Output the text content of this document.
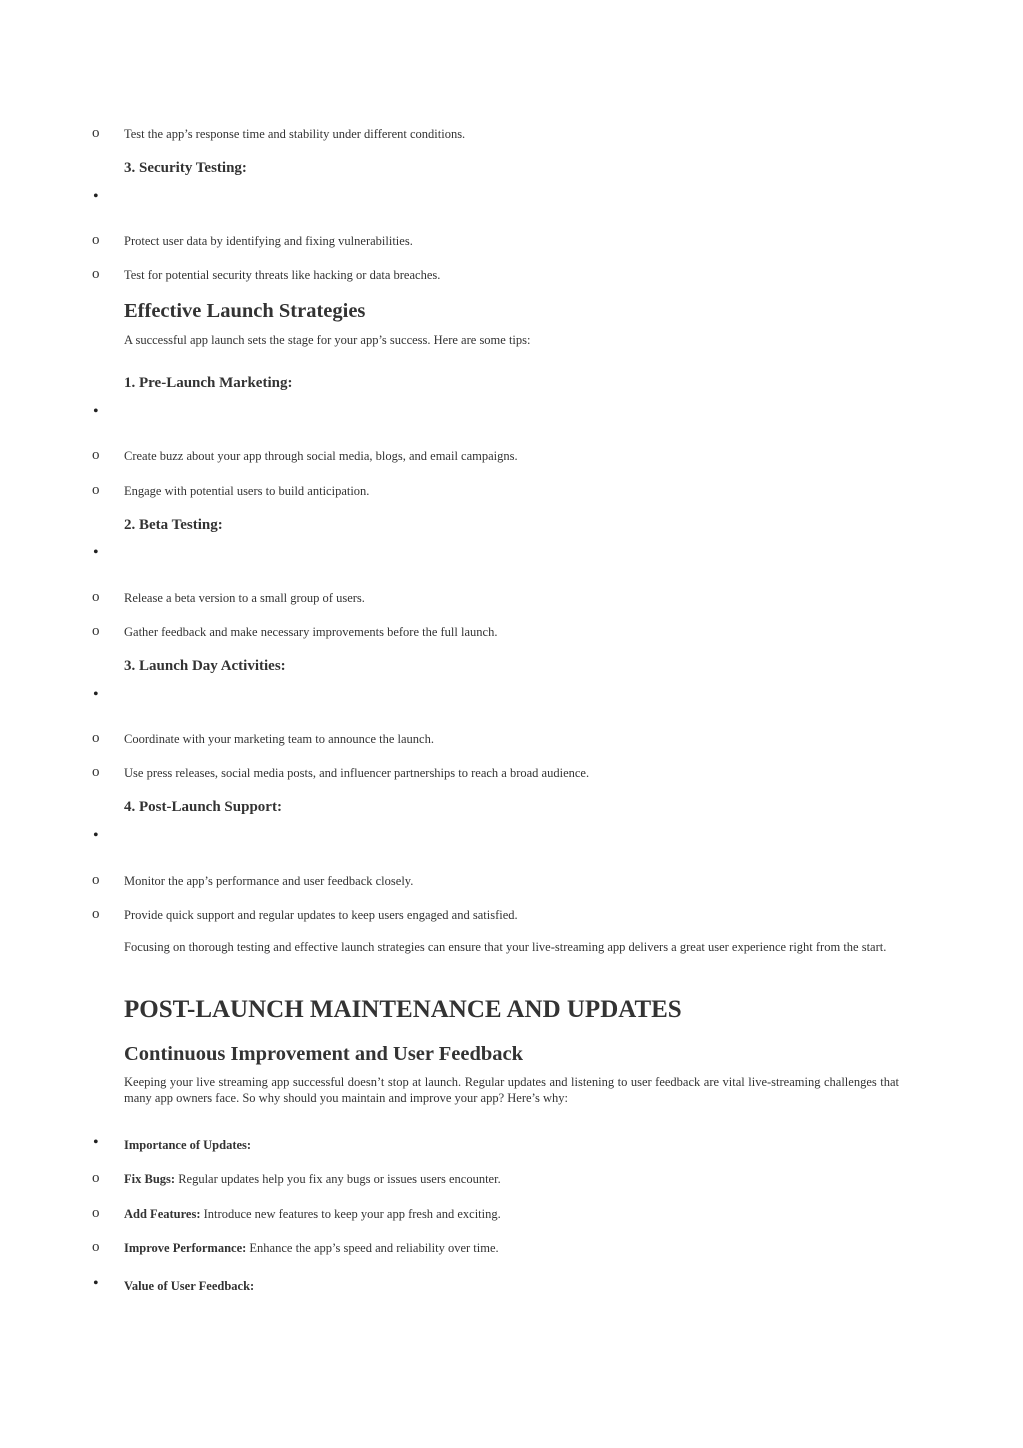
o Test the app’s response time and stability under different conditions.
3. Security Testing:
•
o Protect user data by identifying and fixing vulnerabilities.
o Test for potential security threats like hacking or data breaches.
Effective Launch Strategies
A successful app launch sets the stage for your app’s success. Here are some tips:
1. Pre-Launch Marketing:
•
o Create buzz about your app through social media, blogs, and email campaigns.
o Engage with potential users to build anticipation.
2. Beta Testing:
•
o Release a beta version to a small group of users.
o Gather feedback and make necessary improvements before the full launch.
3. Launch Day Activities:
•
o Coordinate with your marketing team to announce the launch.
o Use press releases, social media posts, and influencer partnerships to reach a broad audience.
4. Post-Launch Support:
•
o Monitor the app’s performance and user feedback closely.
o Provide quick support and regular updates to keep users engaged and satisfied.

Focusing on thorough testing and effective launch strategies can ensure that your live-streaming app delivers a great user experience right from the start.

POST-LAUNCH MAINTENANCE AND UPDATES
Continuous Improvement and User Feedback

Keeping your live streaming app successful doesn’t stop at launch. Regular updates and listening to user feedback are vital live-streaming challenges that many app owners face. So why should you maintain and improve your app? Here’s why:

• Importance of Updates:
o Fix Bugs: Regular updates help you fix any bugs or issues users encounter.
o Add Features: Introduce new features to keep your app fresh and exciting.
o Improve Performance: Enhance the app’s speed and reliability over time.
• Value of User Feedback:
